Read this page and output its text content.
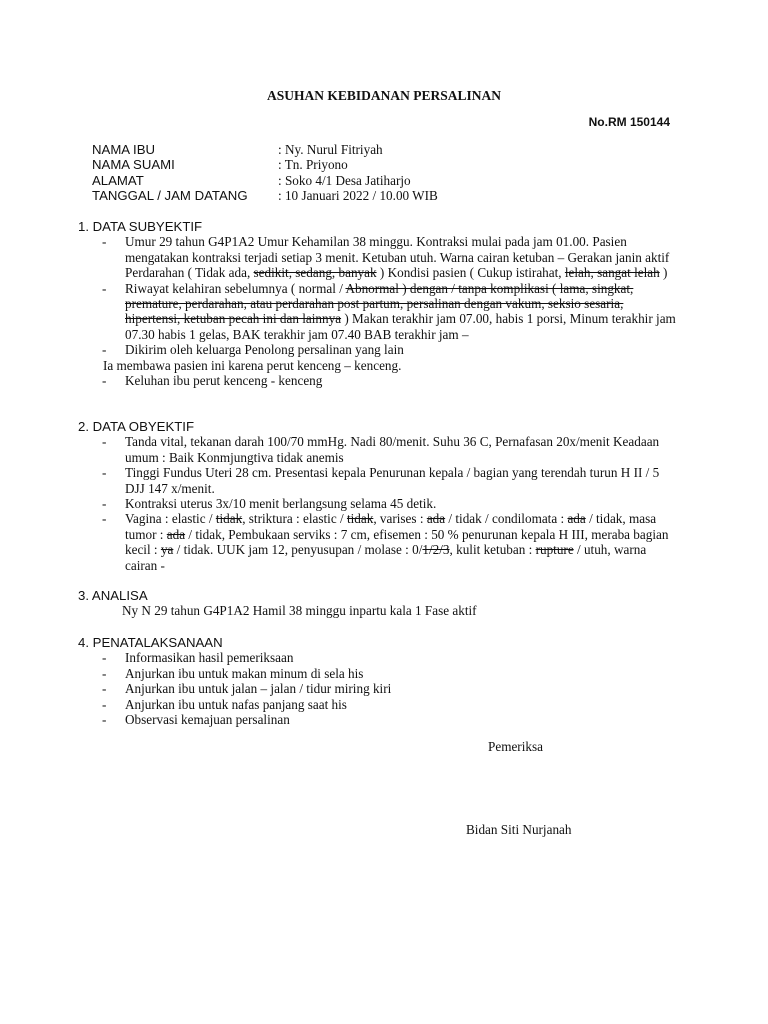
ASUHAN KEBIDANAN PERSALINAN
No.RM 150144
NAMA IBU	: Ny. Nurul Fitriyah
NAMA SUAMI	: Tn. Priyono
ALAMAT	: Soko 4/1 Desa Jatiharjo
TANGGAL / JAM DATANG	: 10 Januari 2022 / 10.00 WIB
1. DATA SUBYEKTIF
- Umur 29 tahun G4P1A2 Umur Kehamilan 38 minggu. Kontraksi mulai pada jam 01.00. Pasien mengatakan kontraksi terjadi setiap 3 menit. Ketuban utuh. Warna cairan ketuban – Gerakan janin aktif Perdarahan ( Tidak ada, sedikit, sedang, banyak ) Kondisi pasien ( Cukup istirahat, lelah, sangat lelah )
- Riwayat kelahiran sebelumnya ( normal / Abnormal ) dengan / tanpa komplikasi ( lama, singkat, premature, perdarahan, atau perdarahan post partum, persalinan dengan vakum, seksio sesaria, hipertensi, ketuban pecah ini dan lainnya ) Makan terakhir jam 07.00, habis 1 porsi, Minum terakhir jam 07.30 habis 1 gelas, BAK terakhir jam 07.40 BAB terakhir jam –
- Dikirim oleh keluarga Penolong persalinan yang lain
Ia membawa pasien ini karena perut kenceng – kenceng.
- Keluhan ibu perut kenceng - kenceng
2. DATA OBYEKTIF
- Tanda vital, tekanan darah 100/70 mmHg. Nadi 80/menit. Suhu 36 C, Pernafasan 20x/menit Keadaan umum : Baik Konmjungtiva tidak anemis
- Tinggi Fundus Uteri 28 cm. Presentasi kepala Penurunan kepala / bagian yang terendah turun H II / 5 DJJ 147 x/menit.
- Kontraksi uterus 3x/10 menit berlangsung selama 45 detik.
- Vagina : elastic / tidak, striktura : elastic / tidak, varises : ada / tidak / condilomata : ada / tidak, masa tumor : ada / tidak, Pembukaan serviks : 7 cm, efisemen : 50 % penurunan kepala H III, meraba bagian kecil : ya / tidak. UUK jam 12, penyusupan / molase : 0/1/2/3, kulit ketuban : rupture / utuh, warna cairan -
3. ANALISA
Ny N 29 tahun G4P1A2 Hamil 38 minggu inpartu kala 1 Fase aktif
4. PENATALAKSANAAN
- Informasikan hasil pemeriksaan
- Anjurkan ibu untuk makan minum di sela his
- Anjurkan ibu untuk jalan – jalan / tidur miring kiri
- Anjurkan ibu untuk nafas panjang saat his
- Observasi kemajuan persalinan
Pemeriksa
Bidan Siti Nurjanah
